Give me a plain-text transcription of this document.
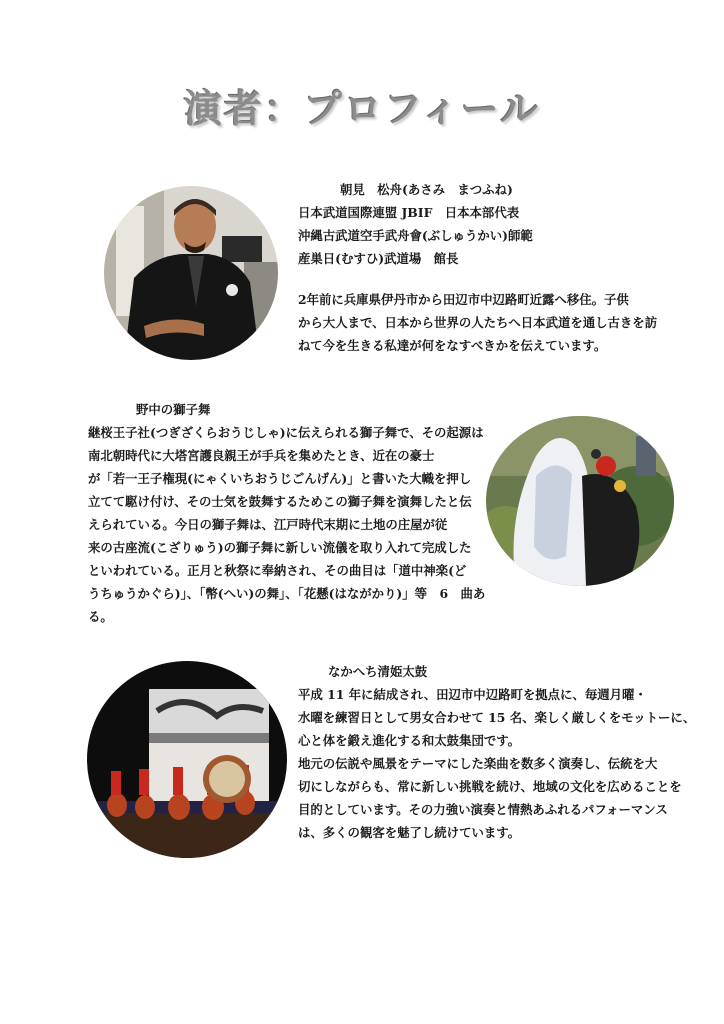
演者：プロフィール
朝見　松舟(あさみ　まつふね)
日本武道国際連盟 JBIF　日本本部代表
沖縄古武道空手武舟會(ぶしゅうかい)師範
産巣日(むすひ)武道場　館長
2年前に兵庫県伊丹市から田辺市中辺路町近露へ移住。子供
から大人まで、日本から世界の人たちへ日本武道を通し古きを訪
ねて今を生きる私達が何をなすべきかを伝えています。
野中の獅子舞
継桜王子社(つぎざくらおうじしゃ)に伝えられる獅子舞で、その起源は
南北朝時代に大塔宮護良親王が手兵を集めたとき、近在の豪士
が「若一王子権現(にゃくいちおうじごんげん)」と書いた大幟を押し
立てて駆け付け、その士気を鼓舞するためこの獅子舞を演舞したと伝
えられている。今日の獅子舞は、江戸時代末期に土地の庄屋が従
来の古座流(こざりゅう)の獅子舞に新しい流儀を取り入れて完成した
といわれている。正月と秋祭に奉納され、その曲目は「道中神楽(ど
うちゅうかぐら)」、「幣(へい)の舞」、「花懸(はながかり)」等　6　曲あ
る。
なかへち清姫太鼓
平成 11 年に結成され、田辺市中辺路町を拠点に、毎週月曜・
水曜を練習日として男女合わせて 15 名、楽しく厳しくをモットーに、
心と体を鍛え進化する和太鼓集団です。
地元の伝説や風景をテーマにした楽曲を数多く演奏し、伝統を大
切にしながらも、常に新しい挑戦を続け、地域の文化を広めることを
目的としています。その力強い演奏と情熱あふれるパフォーマンス
は、多くの観客を魅了し続けています。
